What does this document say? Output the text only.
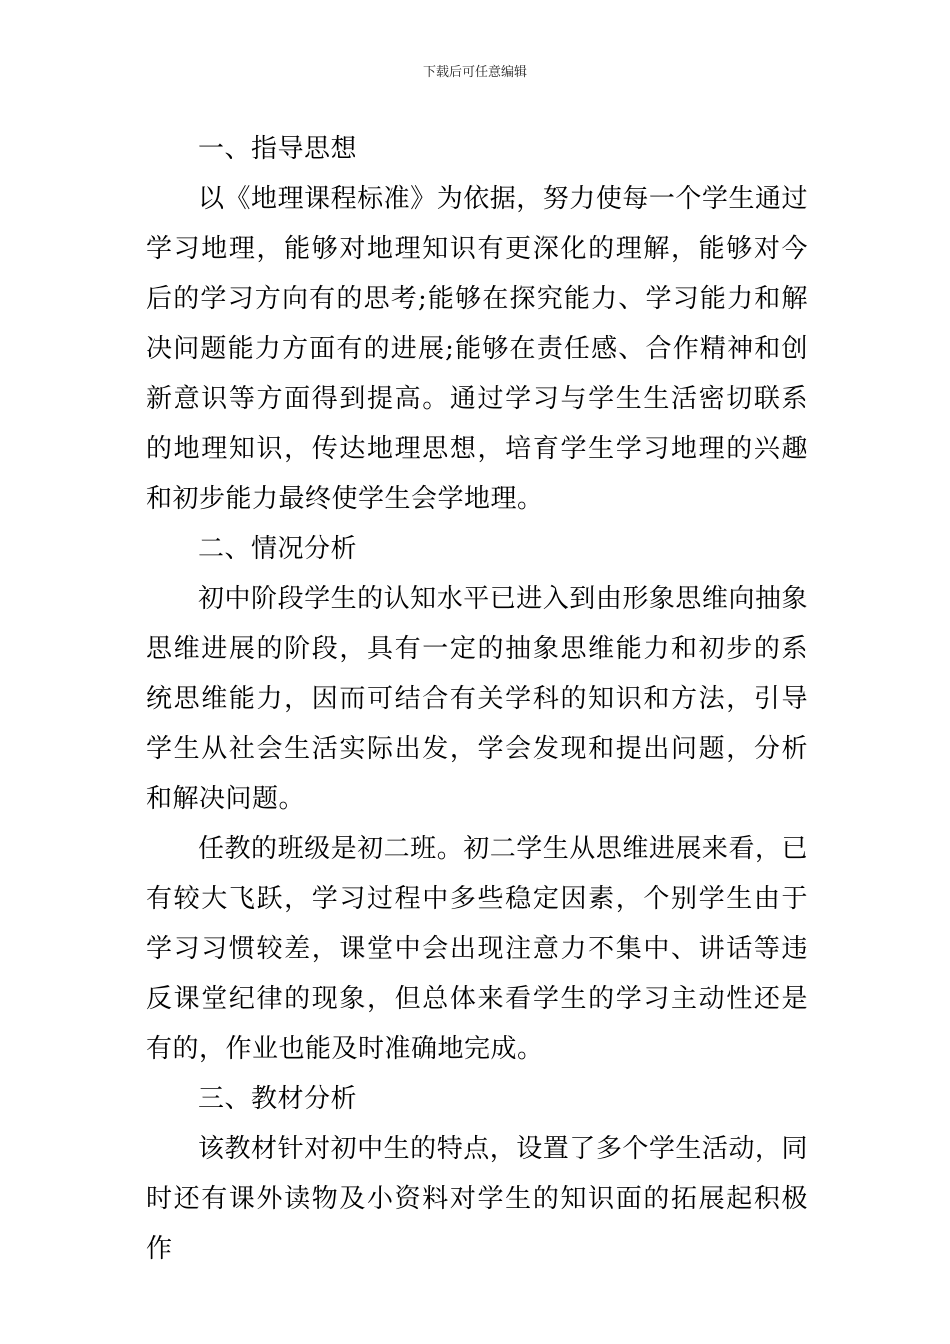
下载后可任意编辑

一、指导思想

以《地理课程标准》为依据，努力使每一个学生通过学习地理，能够对地理知识有更深化的理解，能够对今后的学习方向有的思考;能够在探究能力、学习能力和解决问题能力方面有的进展;能够在责任感、合作精神和创新意识等方面得到提高。通过学习与学生生活密切联系的地理知识，传达地理思想，培育学生学习地理的兴趣和初步能力最终使学生会学地理。

二、情况分析

初中阶段学生的认知水平已进入到由形象思维向抽象思维进展的阶段，具有一定的抽象思维能力和初步的系统思维能力，因而可结合有关学科的知识和方法，引导学生从社会生活实际出发，学会发现和提出问题，分析和解决问题。

任教的班级是初二班。初二学生从思维进展来看，已有较大飞跃，学习过程中多些稳定因素，个别学生由于学习习惯较差，课堂中会出现注意力不集中、讲话等违反课堂纪律的现象，但总体来看学生的学习主动性还是有的，作业也能及时准确地完成。

三、教材分析

该教材针对初中生的特点，设置了多个学生活动，同时还有课外读物及小资料对学生的知识面的拓展起积极作
